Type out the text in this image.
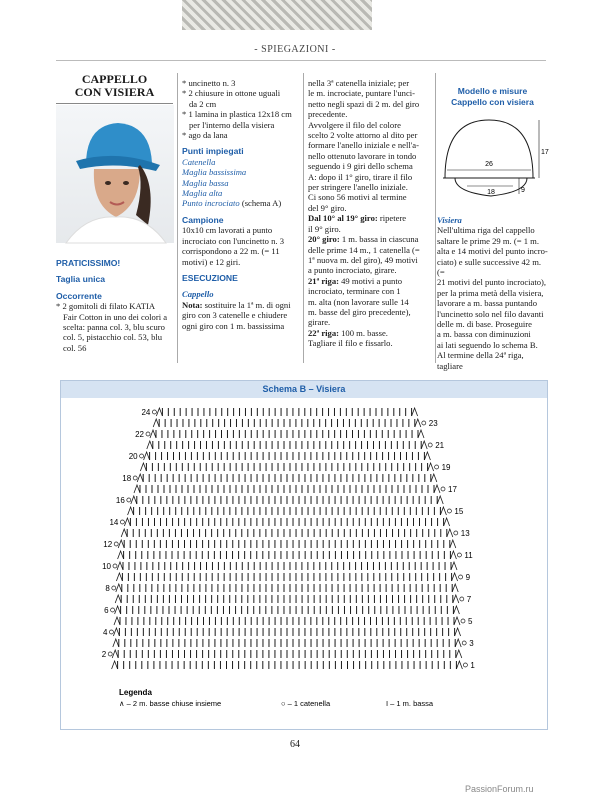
- SPIEGAZIONI -
CAPPELLO
CON VISIERA

PRATICISSIMO!

Taglia unica

Occorrente

* 2 gomitoli di filato KATIA

Fair Cotton in uno dei colori a

scelta: panna col. 3, blu scuro

col. 5, pistacchio col. 53, blu

col. 56

* uncinetto n. 3

* 2 chiusure in ottone uguali

da 2 cm

* 1 lamina in plastica 12x18 cm

per l'interno della visiera

* ago da lana

Punti impiegati

Catenella

Maglia bassissima

Maglia bassa

Maglia alta

Punto incrociato (schema A)

Campione

10x10 cm lavorati a punto

incrociato con l'uncinetto n. 3

corrispondono a 22 m. (= 11

motivi) e 12 giri.

ESECUZIONE

Cappello

Nota: sostituire la 1ª m. di ogni

giro con 3 catenelle e chiudere

ogni giro con 1 m. bassissima

nella 3ª catenella iniziale; per

le m. incrociate, puntare l'unci-

netto negli spazi di 2 m. del giro

precedente.

Avvolgere il filo del colore

scelto 2 volte attorno al dito per

formare l'anello iniziale e nell'a-

nello ottenuto lavorare in tondo

seguendo i 9 giri dello schema

A: dopo il 1° giro, tirare il filo

per stringere l'anello iniziale.

Ci sono 56 motivi al termine

del 9° giro.

Dal 10° al 19° giro: ripetere

il 9° giro.

20° giro: 1 m. bassa in ciascuna

delle prime 14 m., 1 catenella (=

1ª nuova m. del giro), 49 motivi

a punto incrociato, girare.

21ª riga: 49 motivi a punto

incrociato, terminare con 1

m. alta (non lavorare sulle 14

m. basse del giro precedente),

girare.

22ª riga: 100 m. basse.

Tagliare il filo e fissarlo.

Modello e misure
Cappello con visiera
26
18
17
9

Visiera

Nell'ultima riga del cappello

saltare le prime 29 m. (= 1 m.

alta e 14 motivi del punto incro-

ciato) e sulle successive 42 m. (=

21 motivi del punto incrociato),

per la prima metà della visiera,

lavorare a m. bassa puntando

l'uncinetto solo nel filo davanti

delle m. di base. Proseguire

a m. bassa con diminuzioni

ai lati seguendo lo schema B.

Al termine della 24ª riga, tagliare

Schema B – Visiera
1
2
3
4
5
6
7
8
9
10
11
12
13
14
15
16
17
18
19
20
21
22
23
24
Legenda
∧ – 2 m. basse chiuse insieme	○ – 1 catenella	I – 1 m. bassa
64
PassionForum.ru
